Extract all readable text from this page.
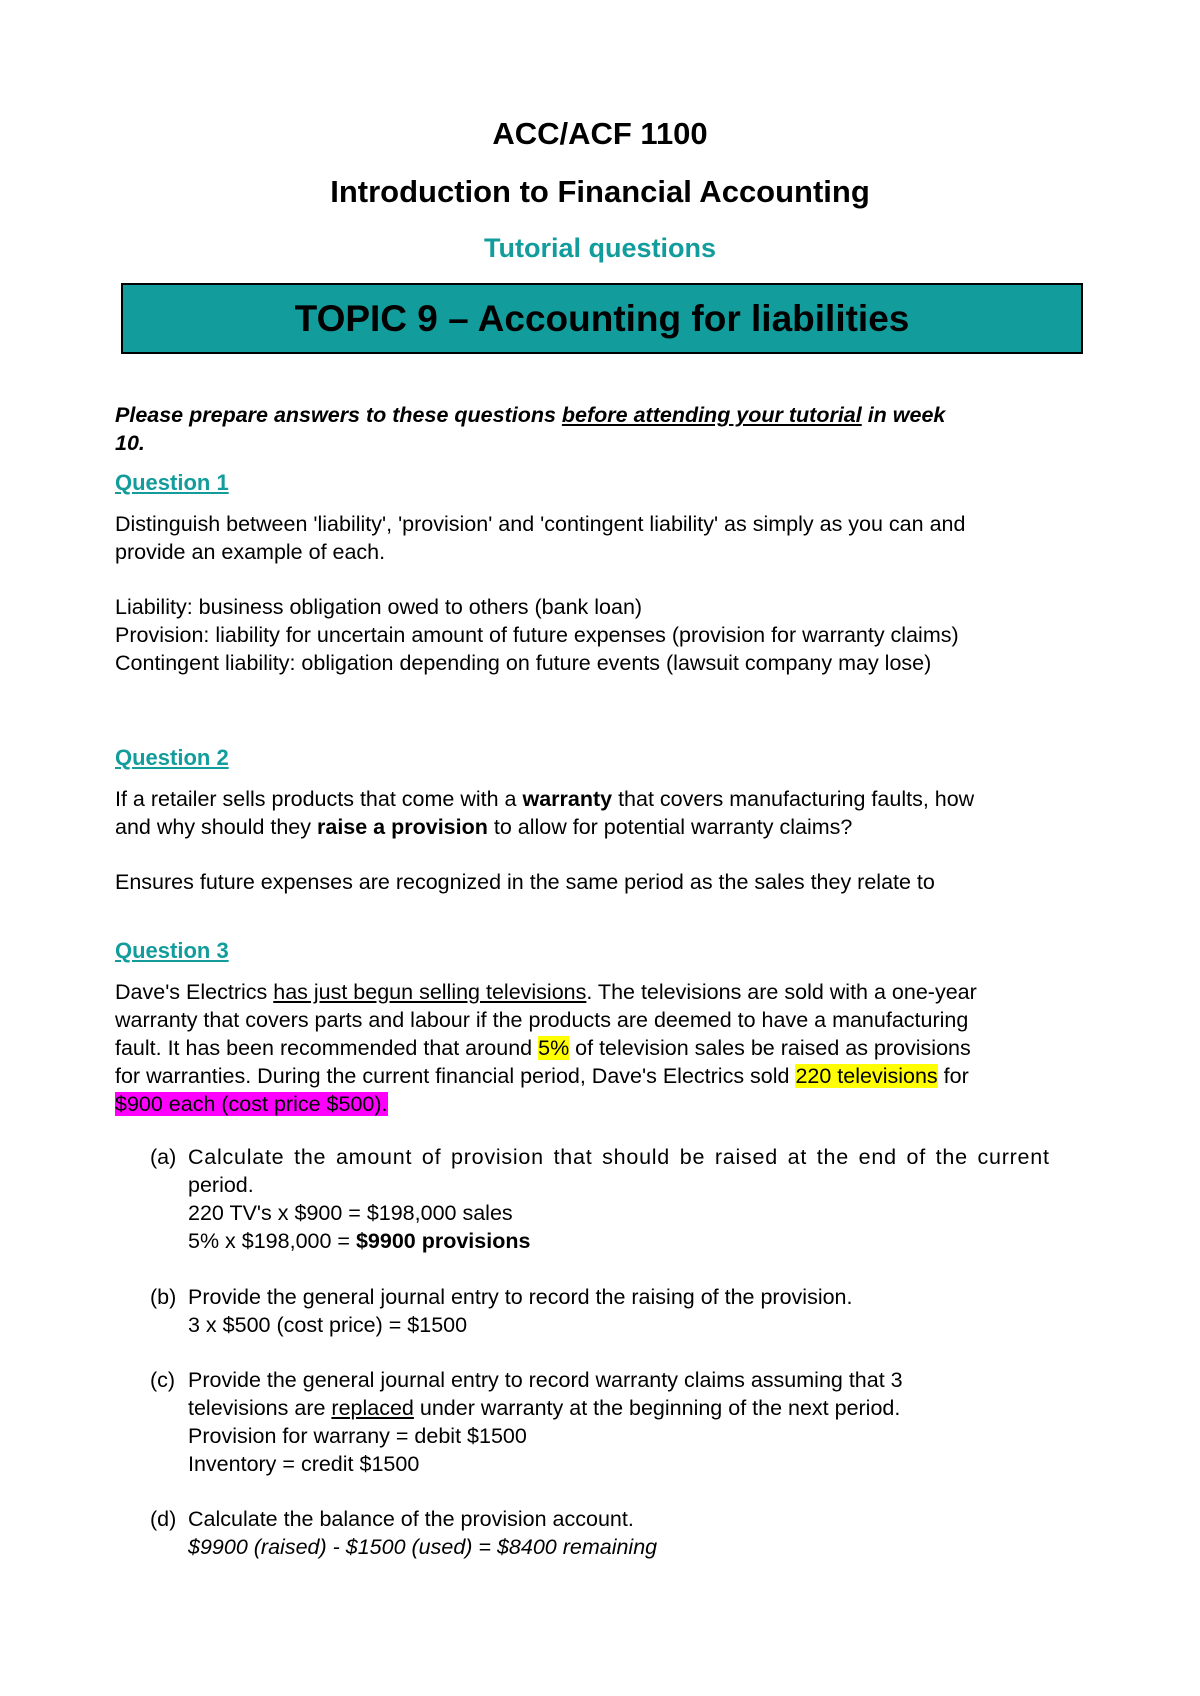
ACC/ACF 1100
Introduction to Financial Accounting
Tutorial questions
TOPIC 9 – Accounting for liabilities
Please prepare answers to these questions before attending your tutorial in week
10.
Question 1
Distinguish between 'liability', 'provision' and 'contingent liability' as simply as you can and
provide an example of each.
Liability: business obligation owed to others (bank loan)
Provision: liability for uncertain amount of future expenses (provision for warranty claims)
Contingent liability: obligation depending on future events (lawsuit company may lose)
Question 2
If a retailer sells products that come with a warranty that covers manufacturing faults, how
and why should they raise a provision to allow for potential warranty claims?
Ensures future expenses are recognized in the same period as the sales they relate to
Question 3
Dave's Electrics has just begun selling televisions. The televisions are sold with a one-year
warranty that covers parts and labour if the products are deemed to have a manufacturing
fault. It has been recommended that around 5% of television sales be raised as provisions
for warranties. During the current financial period, Dave's Electrics sold 220 televisions for
$900 each (cost price $500).
(a) Calculate the amount of provision that should be raised at the end of the current
period.
220 TV's x $900 = $198,000 sales
5% x $198,000 = $9900 provisions
(b) Provide the general journal entry to record the raising of the provision.
3 x $500 (cost price) = $1500
(c) Provide the general journal entry to record warranty claims assuming that 3
televisions are replaced under warranty at the beginning of the next period.
Provision for warrany = debit $1500
Inventory = credit $1500
(d) Calculate the balance of the provision account.
$9900 (raised) - $1500 (used) = $8400 remaining
